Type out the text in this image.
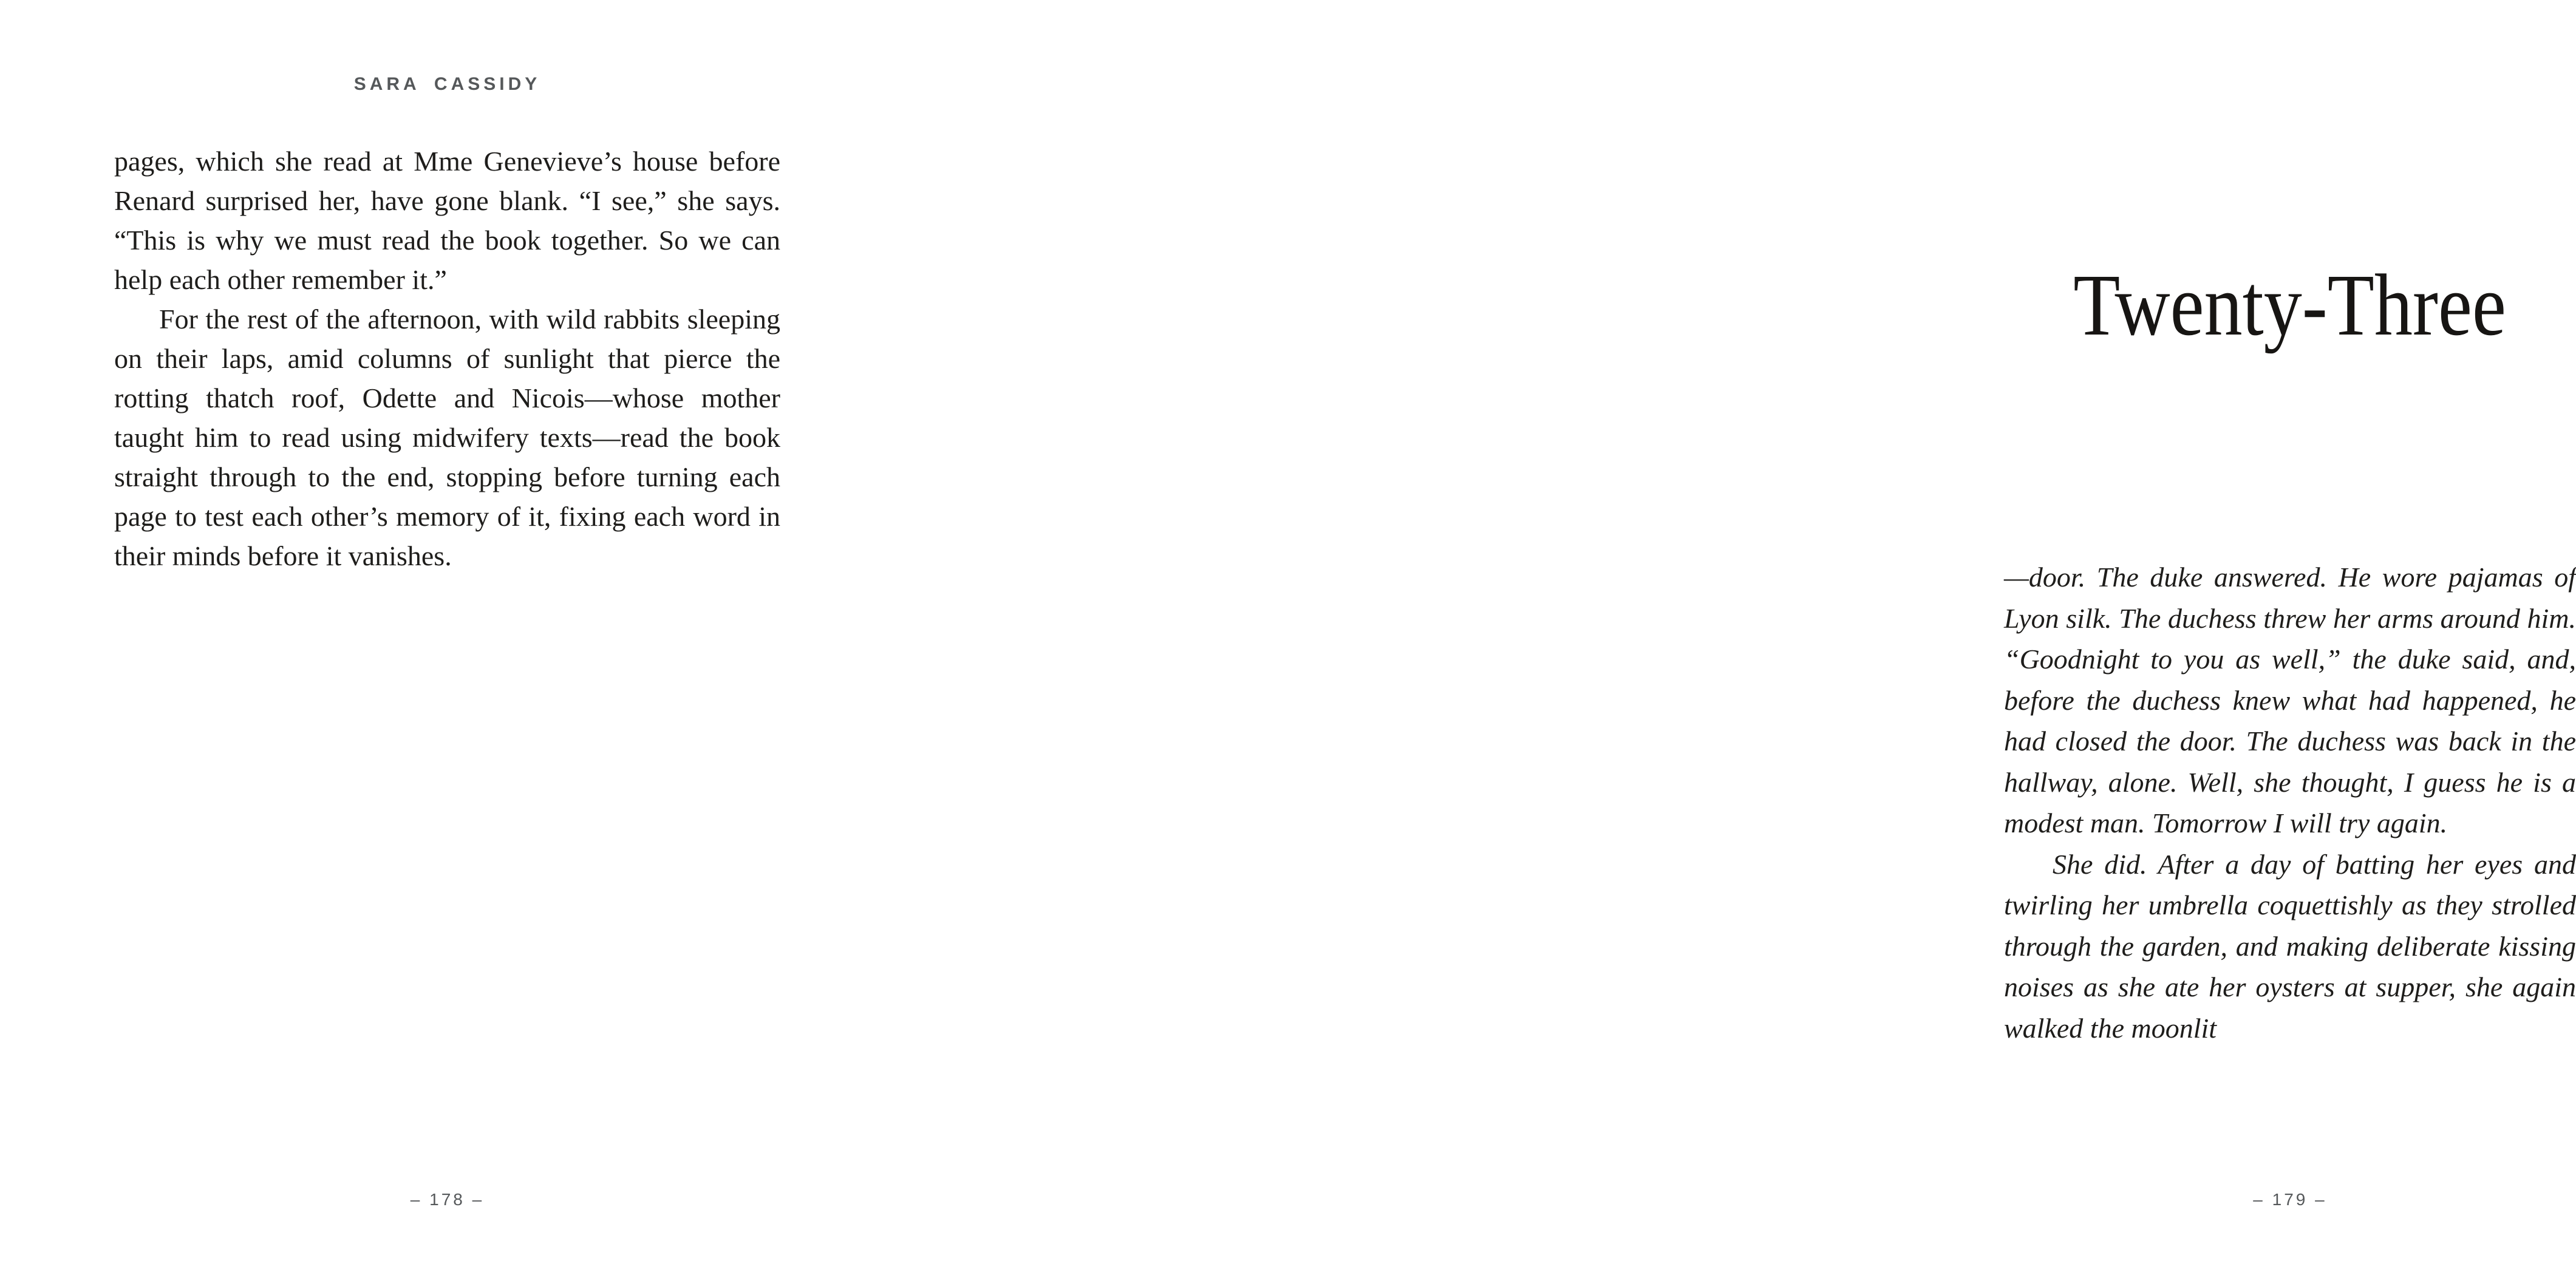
SARA CASSIDY

pages, which she read at Mme Genevieve’s house before Renard surprised her, have gone blank. “I see,” she says. “This is why we must read the book together. So we can help each other remember it.”

For the rest of the afternoon, with wild rabbits sleeping on their laps, amid columns of sunlight that pierce the rotting thatch roof, Odette and Nicois—whose mother taught him to read using midwifery texts—read the book straight through to the end, stopping before turning each page to test each other’s memory of it, fixing each word in their minds before it vanishes.

– 178 –
Twenty-Three

—door. The duke answered. He wore pajamas of Lyon silk. The duchess threw her arms around him. “Goodnight to you as well,” the duke said, and, before the duchess knew what had happened, he had closed the door. The duchess was back in the hallway, alone. Well, she thought, I guess he is a modest man. Tomorrow I will try again.

She did. After a day of batting her eyes and twirling her umbrella coquettishly as they strolled through the garden, and making deliberate kissing noises as she ate her oysters at supper, she again walked the moonlit

– 179 –
